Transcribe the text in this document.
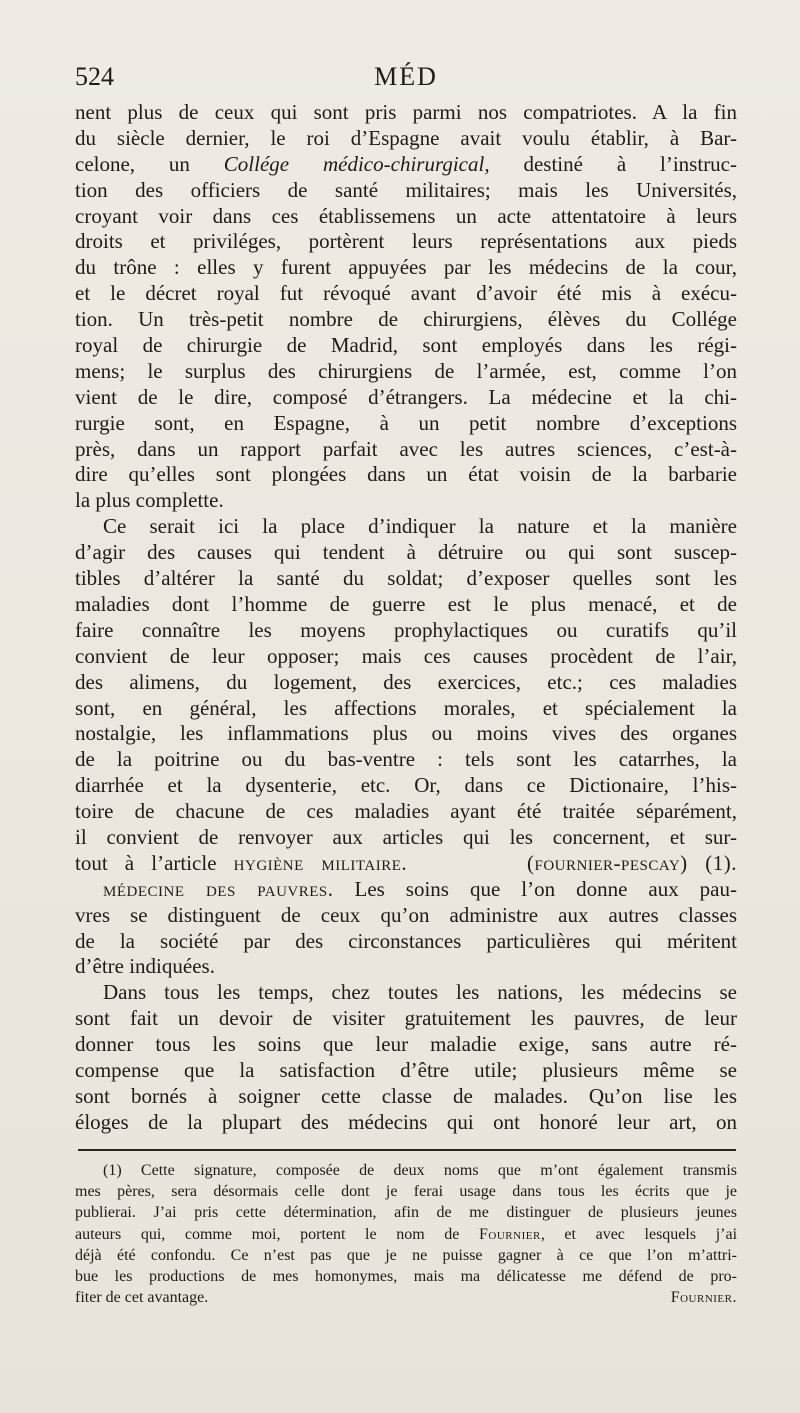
524	MÉD
nent plus de ceux qui sont pris parmi nos compatriotes. A la fin
du siècle dernier, le roi d’Espagne avait voulu établir, à Bar-
celone, un Collége médico-chirurgical, destiné à l’instruc-
tion des officiers de santé militaires; mais les Universités,
croyant voir dans ces établissemens un acte attentatoire à leurs
droits et priviléges, portèrent leurs représentations aux pieds
du trône : elles y furent appuyées par les médecins de la cour,
et le décret royal fut révoqué avant d’avoir été mis à exécu-
tion. Un très-petit nombre de chirurgiens, élèves du Collége
royal de chirurgie de Madrid, sont employés dans les régi-
mens; le surplus des chirurgiens de l’armée, est, comme l’on
vient de le dire, composé d’étrangers. La médecine et la chi-
rurgie sont, en Espagne, à un petit nombre d’exceptions
près, dans un rapport parfait avec les autres sciences, c’est-à-
dire qu’elles sont plongées dans un état voisin de la barbarie
la plus complette.
Ce serait ici la place d’indiquer la nature et la manière
d’agir des causes qui tendent à détruire ou qui sont suscep-
tibles d’altérer la santé du soldat; d’exposer quelles sont les
maladies dont l’homme de guerre est le plus menacé, et de
faire connaître les moyens prophylactiques ou curatifs qu’il
convient de leur opposer; mais ces causes procèdent de l’air,
des alimens, du logement, des exercices, etc.; ces maladies
sont, en général, les affections morales, et spécialement la
nostalgie, les inflammations plus ou moins vives des organes
de la poitrine ou du bas-ventre : tels sont les catarrhes, la
diarrhée et la dysenterie, etc. Or, dans ce Dictionaire, l’his-
toire de chacune de ces maladies ayant été traitée séparément,
il convient de renvoyer aux articles qui les concernent, et sur-
tout à l’article hygiène militaire.	(fournier-pescay) (1).
médecine des pauvres. Les soins que l’on donne aux pau-
vres se distinguent de ceux qu’on administre aux autres classes
de la société par des circonstances particulières qui méritent
d’être indiquées.
Dans tous les temps, chez toutes les nations, les médecins se
sont fait un devoir de visiter gratuitement les pauvres, de leur
donner tous les soins que leur maladie exige, sans autre ré-
compense que la satisfaction d’être utile; plusieurs même se
sont bornés à soigner cette classe de malades. Qu’on lise les
éloges de la plupart des médecins qui ont honoré leur art, on
(1) Cette signature, composée de deux noms que m’ont également transmis
mes pères, sera désormais celle dont je ferai usage dans tous les écrits que je
publierai. J’ai pris cette détermination, afin de me distinguer de plusieurs jeunes
auteurs qui, comme moi, portent le nom de Fournier, et avec lesquels j’ai
déjà été confondu. Ce n’est pas que je ne puisse gagner à ce que l’on m’attri-
bue les productions de mes homonymes, mais ma délicatesse me défend de pro-
fiter de cet avantage.	Fournier.
